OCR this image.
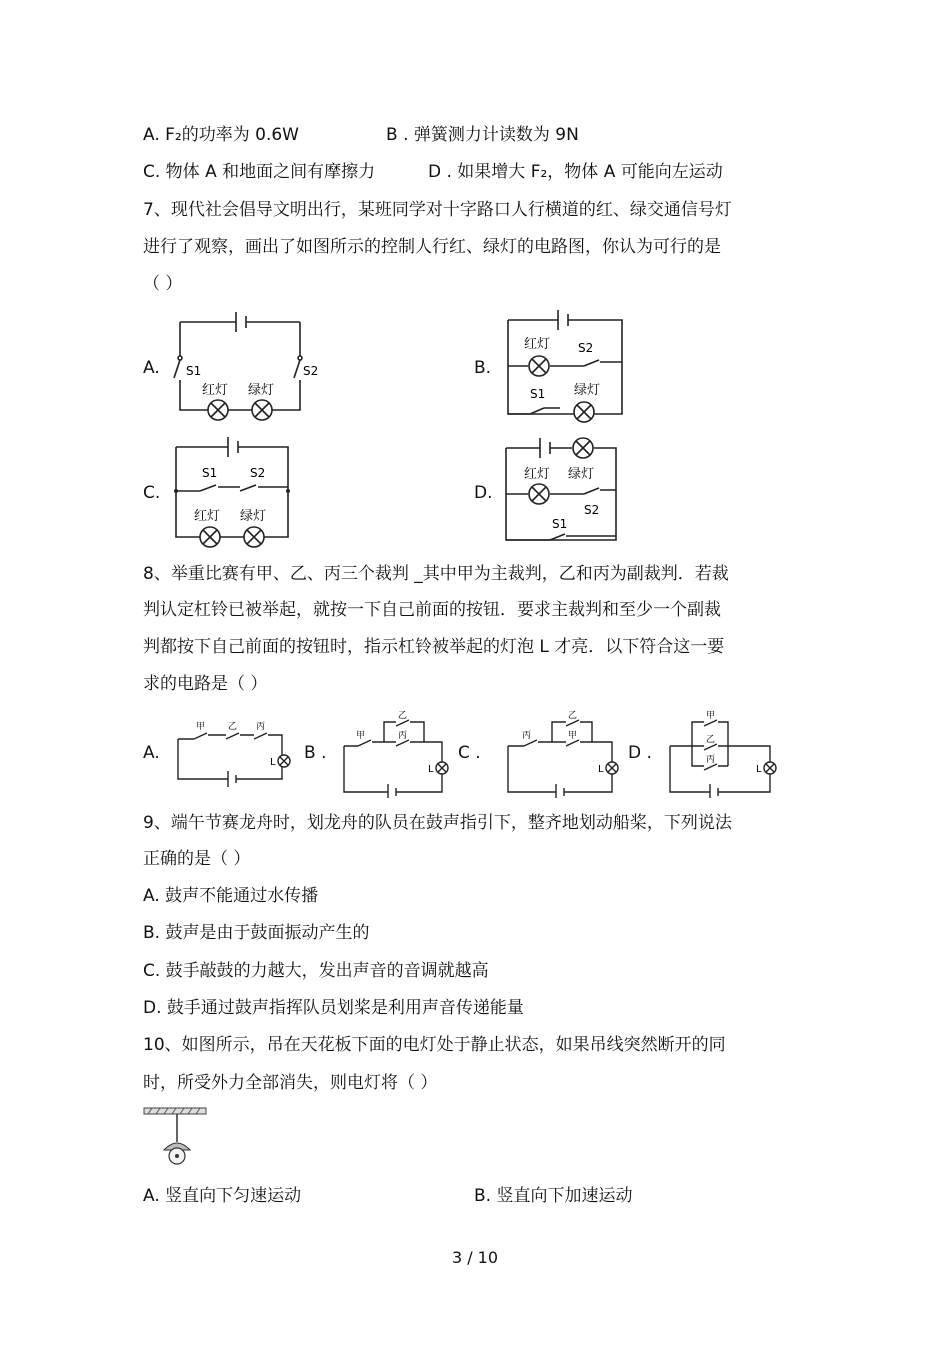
A. F₂的功率为 0.6W	B . 弹簧测力计读数为 9N
C. 物体 A 和地面之间有摩擦力	D . 如果增大 F₂，物体 A 可能向左运动
7、现代社会倡导文明出行，某班同学对十字路口人行横道的红、绿交通信号灯
进行了观察，画出了如图所示的控制人行红、绿灯的电路图，你认为可行的是
（ ）
A. S1	S2
红灯 绿灯
B.
红灯 S2
S1 绿灯
C.
S1	S2
红灯 绿灯
D.
红灯 绿灯
S2
S1
8、举重比赛有甲、乙、丙三个裁判 _其中甲为主裁判，乙和丙为副裁判．若裁
判认定杠铃已被举起，就按一下自己前面的按钮．要求主裁判和至少一个副裁
判都按下自己前面的按钮时，指示杠铃被举起的灯泡 L 才亮．以下符合这一要
求的电路是（ ）
A.
甲	乙 丙
L B .
甲
乙
丙
L
C .
丙
乙
甲
L
D .
甲
乙
丙
L
9、端午节赛龙舟时，划龙舟的队员在鼓声指引下，整齐地划动船桨，下列说法
正确的是（ ）
A. 鼓声不能通过水传播
B. 鼓声是由于鼓面振动产生的
C. 鼓手敲鼓的力越大，发出声音的音调就越高
D. 鼓手通过鼓声指挥队员划桨是利用声音传递能量
10、如图所示，吊在天花板下面的电灯处于静止状态，如果吊线突然断开的同
时，所受外力全部消失，则电灯将（ ）
A. 竖直向下匀速运动	B. 竖直向下加速运动
3 / 10
